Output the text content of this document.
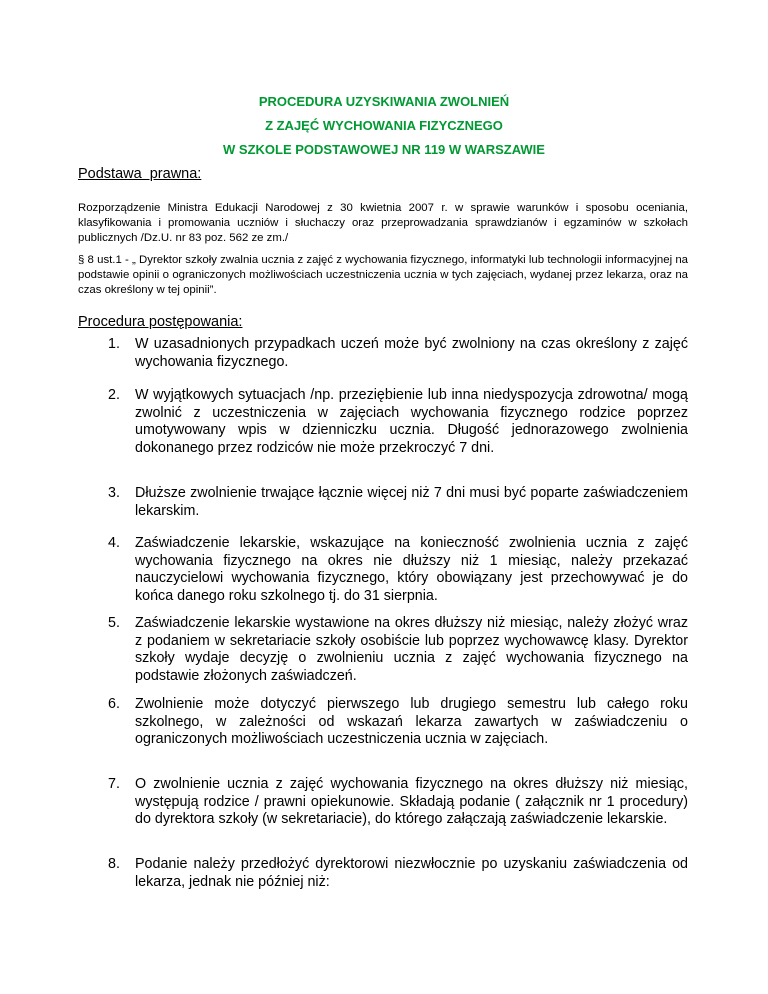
PROCEDURA UZYSKIWANIA ZWOLNIEŃ
Z ZAJĘĆ WYCHOWANIA FIZYCZNEGO
W SZKOLE PODSTAWOWEJ NR 119 W WARSZAWIE
Podstawa  prawna:
Rozporządzenie Ministra Edukacji Narodowej z 30 kwietnia 2007 r. w sprawie warunków i sposobu oceniania, klasyfikowania i promowania uczniów i słuchaczy oraz przeprowadzania sprawdzianów i egzaminów w szkołach publicznych /Dz.U. nr 83 poz. 562 ze zm./
§ 8 ust.1 - „ Dyrektor szkoły zwalnia ucznia z zajęć z wychowania fizycznego, informatyki lub technologii informacyjnej na podstawie opinii o ograniczonych możliwościach uczestniczenia ucznia w tych zajęciach, wydanej przez lekarza, oraz na czas określony w tej opinii”.
Procedura postępowania:
1.	W uzasadnionych przypadkach uczeń może być zwolniony na czas określony z zajęć wychowania fizycznego.
2.	W wyjątkowych sytuacjach /np. przeziębienie lub inna niedyspozycja zdrowotna/ mogą zwolnić z uczestniczenia w zajęciach wychowania fizycznego rodzice poprzez umotywowany wpis w dzienniczku ucznia. Długość jednorazowego zwolnienia dokonanego przez rodziców nie może przekroczyć 7 dni.
3.	Dłuższe zwolnienie trwające łącznie więcej niż 7 dni musi być poparte zaświadczeniem lekarskim.
4.	Zaświadczenie lekarskie, wskazujące na konieczność zwolnienia ucznia z zajęć wychowania fizycznego na okres nie dłuższy niż 1 miesiąc, należy przekazać nauczycielowi wychowania fizycznego, który obowiązany jest przechowywać je do końca danego roku szkolnego tj. do 31 sierpnia.
5.	Zaświadczenie lekarskie wystawione na okres dłuższy niż miesiąc, należy złożyć wraz z podaniem w sekretariacie szkoły osobiście lub poprzez wychowawcę klasy. Dyrektor szkoły wydaje decyzję o zwolnieniu ucznia z zajęć wychowania fizycznego na podstawie złożonych zaświadczeń.
6.	Zwolnienie może dotyczyć pierwszego lub drugiego semestru lub całego roku szkolnego, w zależności od wskazań lekarza zawartych w zaświadczeniu o ograniczonych możliwościach uczestniczenia ucznia w zajęciach.
7.	O zwolnienie ucznia z zajęć wychowania fizycznego na okres dłuższy niż miesiąc, występują rodzice / prawni opiekunowie. Składają podanie ( załącznik nr 1 procedury) do dyrektora szkoły (w sekretariacie), do którego załączają zaświadczenie lekarskie.
8.	Podanie należy przedłożyć dyrektorowi niezwłocznie po uzyskaniu zaświadczenia od lekarza, jednak nie później niż:
